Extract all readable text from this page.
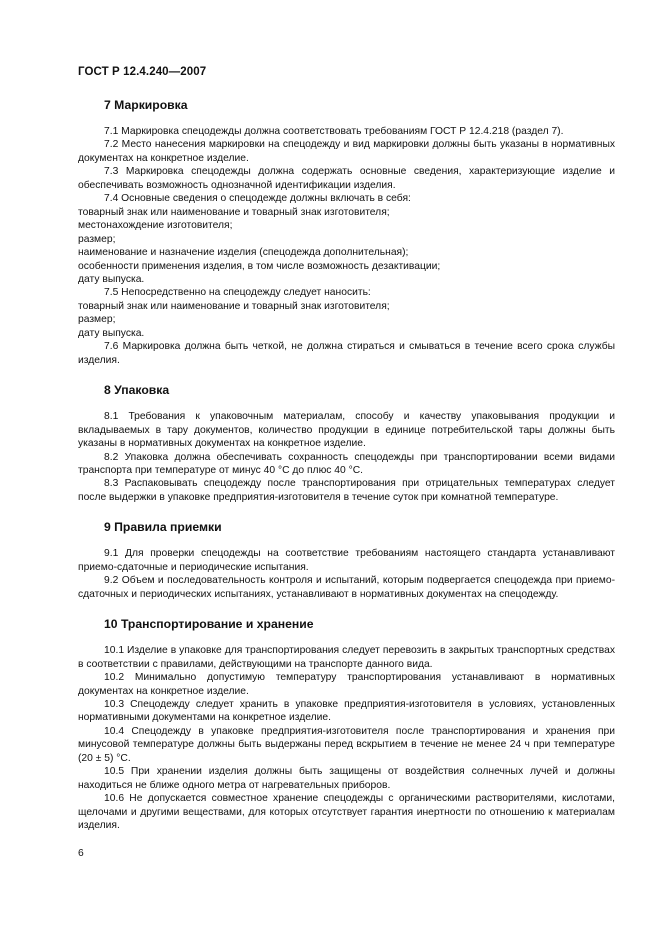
ГОСТ Р 12.4.240—2007
7 Маркировка

7.1 Маркировка спецодежды должна соответствовать требованиям ГОСТ Р 12.4.218 (раздел 7).

7.2 Место нанесения маркировки на спецодежду и вид маркировки должны быть указаны в нормативных документах на конкретное изделие.

7.3 Маркировка спецодежды должна содержать основные сведения, характеризующие изделие и обеспечивать возможность однозначной идентификации изделия.

7.4 Основные сведения о спецодежде должны включать в себя:

товарный знак или наименование и товарный знак изготовителя;

местонахождение изготовителя;

размер;

наименование и назначение изделия (спецодежда дополнительная);

особенности применения изделия, в том числе возможность дезактивации;

дату выпуска.

7.5 Непосредственно на спецодежду следует наносить:

товарный знак или наименование и товарный знак изготовителя;

размер;

дату выпуска.

7.6 Маркировка должна быть четкой, не должна стираться и смываться в течение всего срока службы изделия.

8 Упаковка

8.1 Требования к упаковочным материалам, способу и качеству упаковывания продукции и вкладываемых в тару документов, количество продукции в единице потребительской тары должны быть указаны в нормативных документах на конкретное изделие.

8.2 Упаковка должна обеспечивать сохранность спецодежды при транспортировании всеми видами транспорта при температуре от минус 40 °С до плюс 40 °С.

8.3 Распаковывать спецодежду после транспортирования при отрицательных температурах следует после выдержки в упаковке предприятия-изготовителя в течение суток при комнатной температуре.

9 Правила приемки

9.1 Для проверки спецодежды на соответствие требованиям настоящего стандарта устанавливают приемо-сдаточные и периодические испытания.

9.2 Объем и последовательность контроля и испытаний, которым подвергается спецодежда при приемо-сдаточных и периодических испытаниях, устанавливают в нормативных документах на спецодежду.

10 Транспортирование и хранение

10.1 Изделие в упаковке для транспортирования следует перевозить в закрытых транспортных средствах в соответствии с правилами, действующими на транспорте данного вида.

10.2 Минимально допустимую температуру транспортирования устанавливают в нормативных документах на конкретное изделие.

10.3 Спецодежду следует хранить в упаковке предприятия-изготовителя в условиях, установленных нормативными документами на конкретное изделие.

10.4 Спецодежду в упаковке предприятия-изготовителя после транспортирования и хранения при минусовой температуре должны быть выдержаны перед вскрытием в течение не менее 24 ч при температуре (20 ± 5) °С.

10.5 При хранении изделия должны быть защищены от воздействия солнечных лучей и должны находиться не ближе одного метра от нагревательных приборов.

10.6 Не допускается совместное хранение спецодежды с органическими растворителями, кислотами, щелочами и другими веществами, для которых отсутствует гарантия инертности по отношению к материалам изделия.

6
